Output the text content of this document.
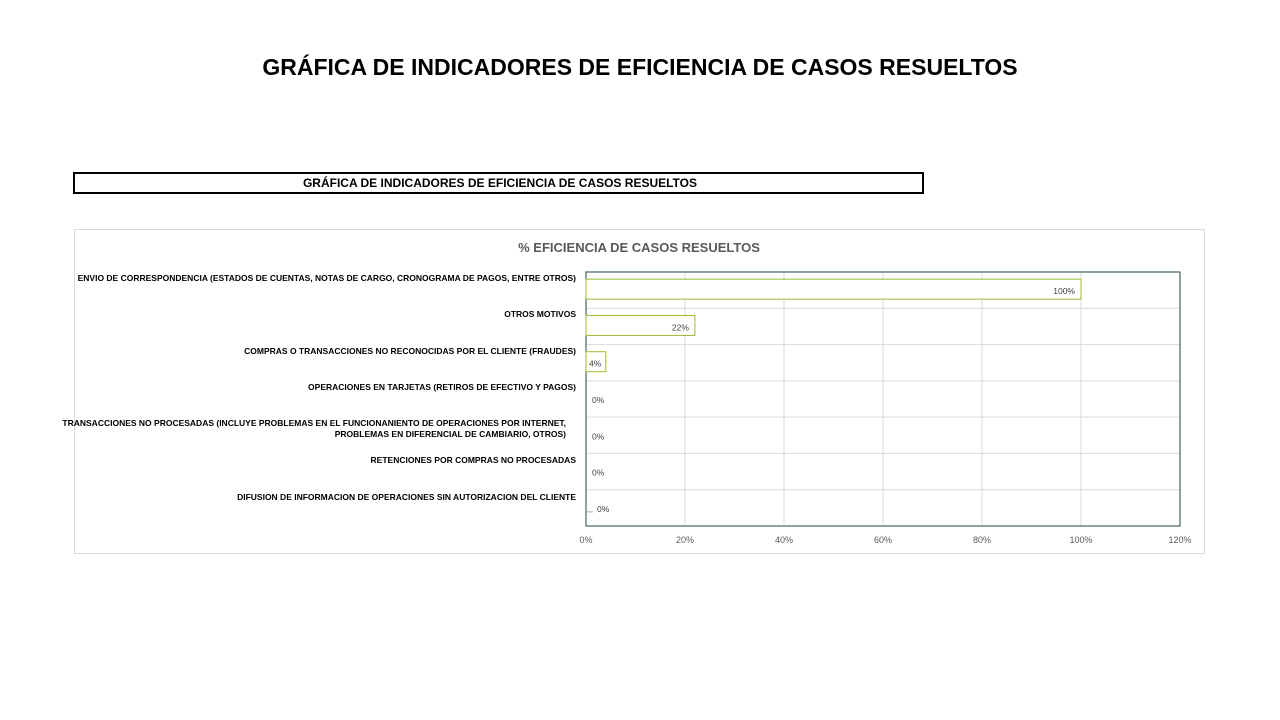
GRÁFICA DE INDICADORES DE EFICIENCIA DE CASOS RESUELTOS
GRÁFICA DE INDICADORES DE EFICIENCIA DE CASOS RESUELTOS
% EFICIENCIA DE CASOS RESUELTOS
0%	20%	40%	60%	80%	100%	120%
100%
22%
4%
0%
0%
0%
0%
ENVIO DE CORRESPONDENCIA (ESTADOS DE CUENTAS, NOTAS DE CARGO, CRONOGRAMA DE PAGOS, ENTRE OTROS)
OTROS MOTIVOS
COMPRAS O TRANSACCIONES NO RECONOCIDAS POR EL CLIENTE (FRAUDES)
OPERACIONES EN TARJETAS (RETIROS DE EFECTIVO Y PAGOS)
TRANSACCIONES NO PROCESADAS (INCLUYE PROBLEMAS EN EL FUNCIONANIENTO DE OPERACIONES POR INTERNET, PROBLEMAS EN DIFERENCIAL DE CAMBIARIO, OTROS)
RETENCIONES POR COMPRAS NO PROCESADAS
DIFUSION DE INFORMACION DE OPERACIONES SIN AUTORIZACION DEL CLIENTE
